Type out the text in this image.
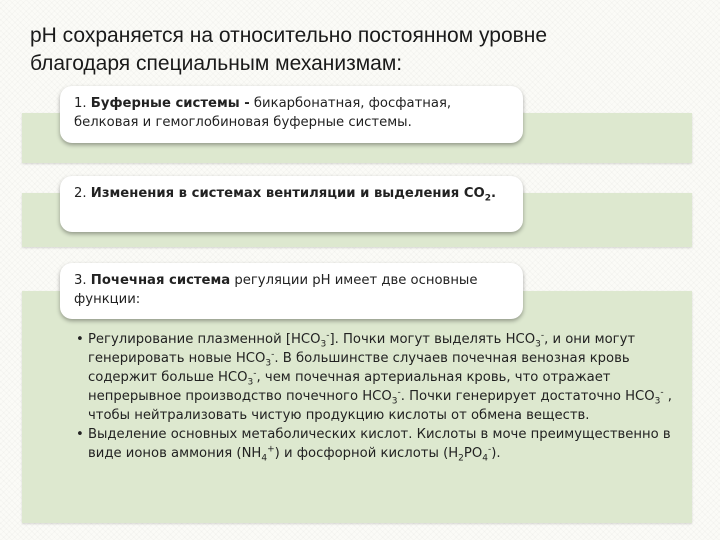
pH сохраняется на относительно постоянном уровне
благодаря специальным механизмам:
1. Буферные системы - бикарбонатная, фосфатная, белковая и гемоглобиновая буферные системы.
2. Изменения в системах вентиляции и выделения $CO_2$.
3. Почечная система регуляции pH имеет две основные функции:

• Регулирование плазменной $[HCO_3^-]$. Почки могут выделять $HCO_3^-$, и они могут генерировать новые $HCO_3^-$. В большинстве случаев почечная венозная кровь содержит больше $HCO_3^-$, чем почечная артериальная кровь, что отражает непрерывное производство почечного $HCO_3^-$. Почки генерирует достаточно $HCO_3^-$ , чтобы нейтрализовать чистую продукцию кислоты от обмена веществ.

• Выделение основных метаболических кислот. Кислоты в моче преимущественно в виде ионов аммония $(NH_4^+)$ и фосфорной кислоты $(H_2PO_4^-)$.
